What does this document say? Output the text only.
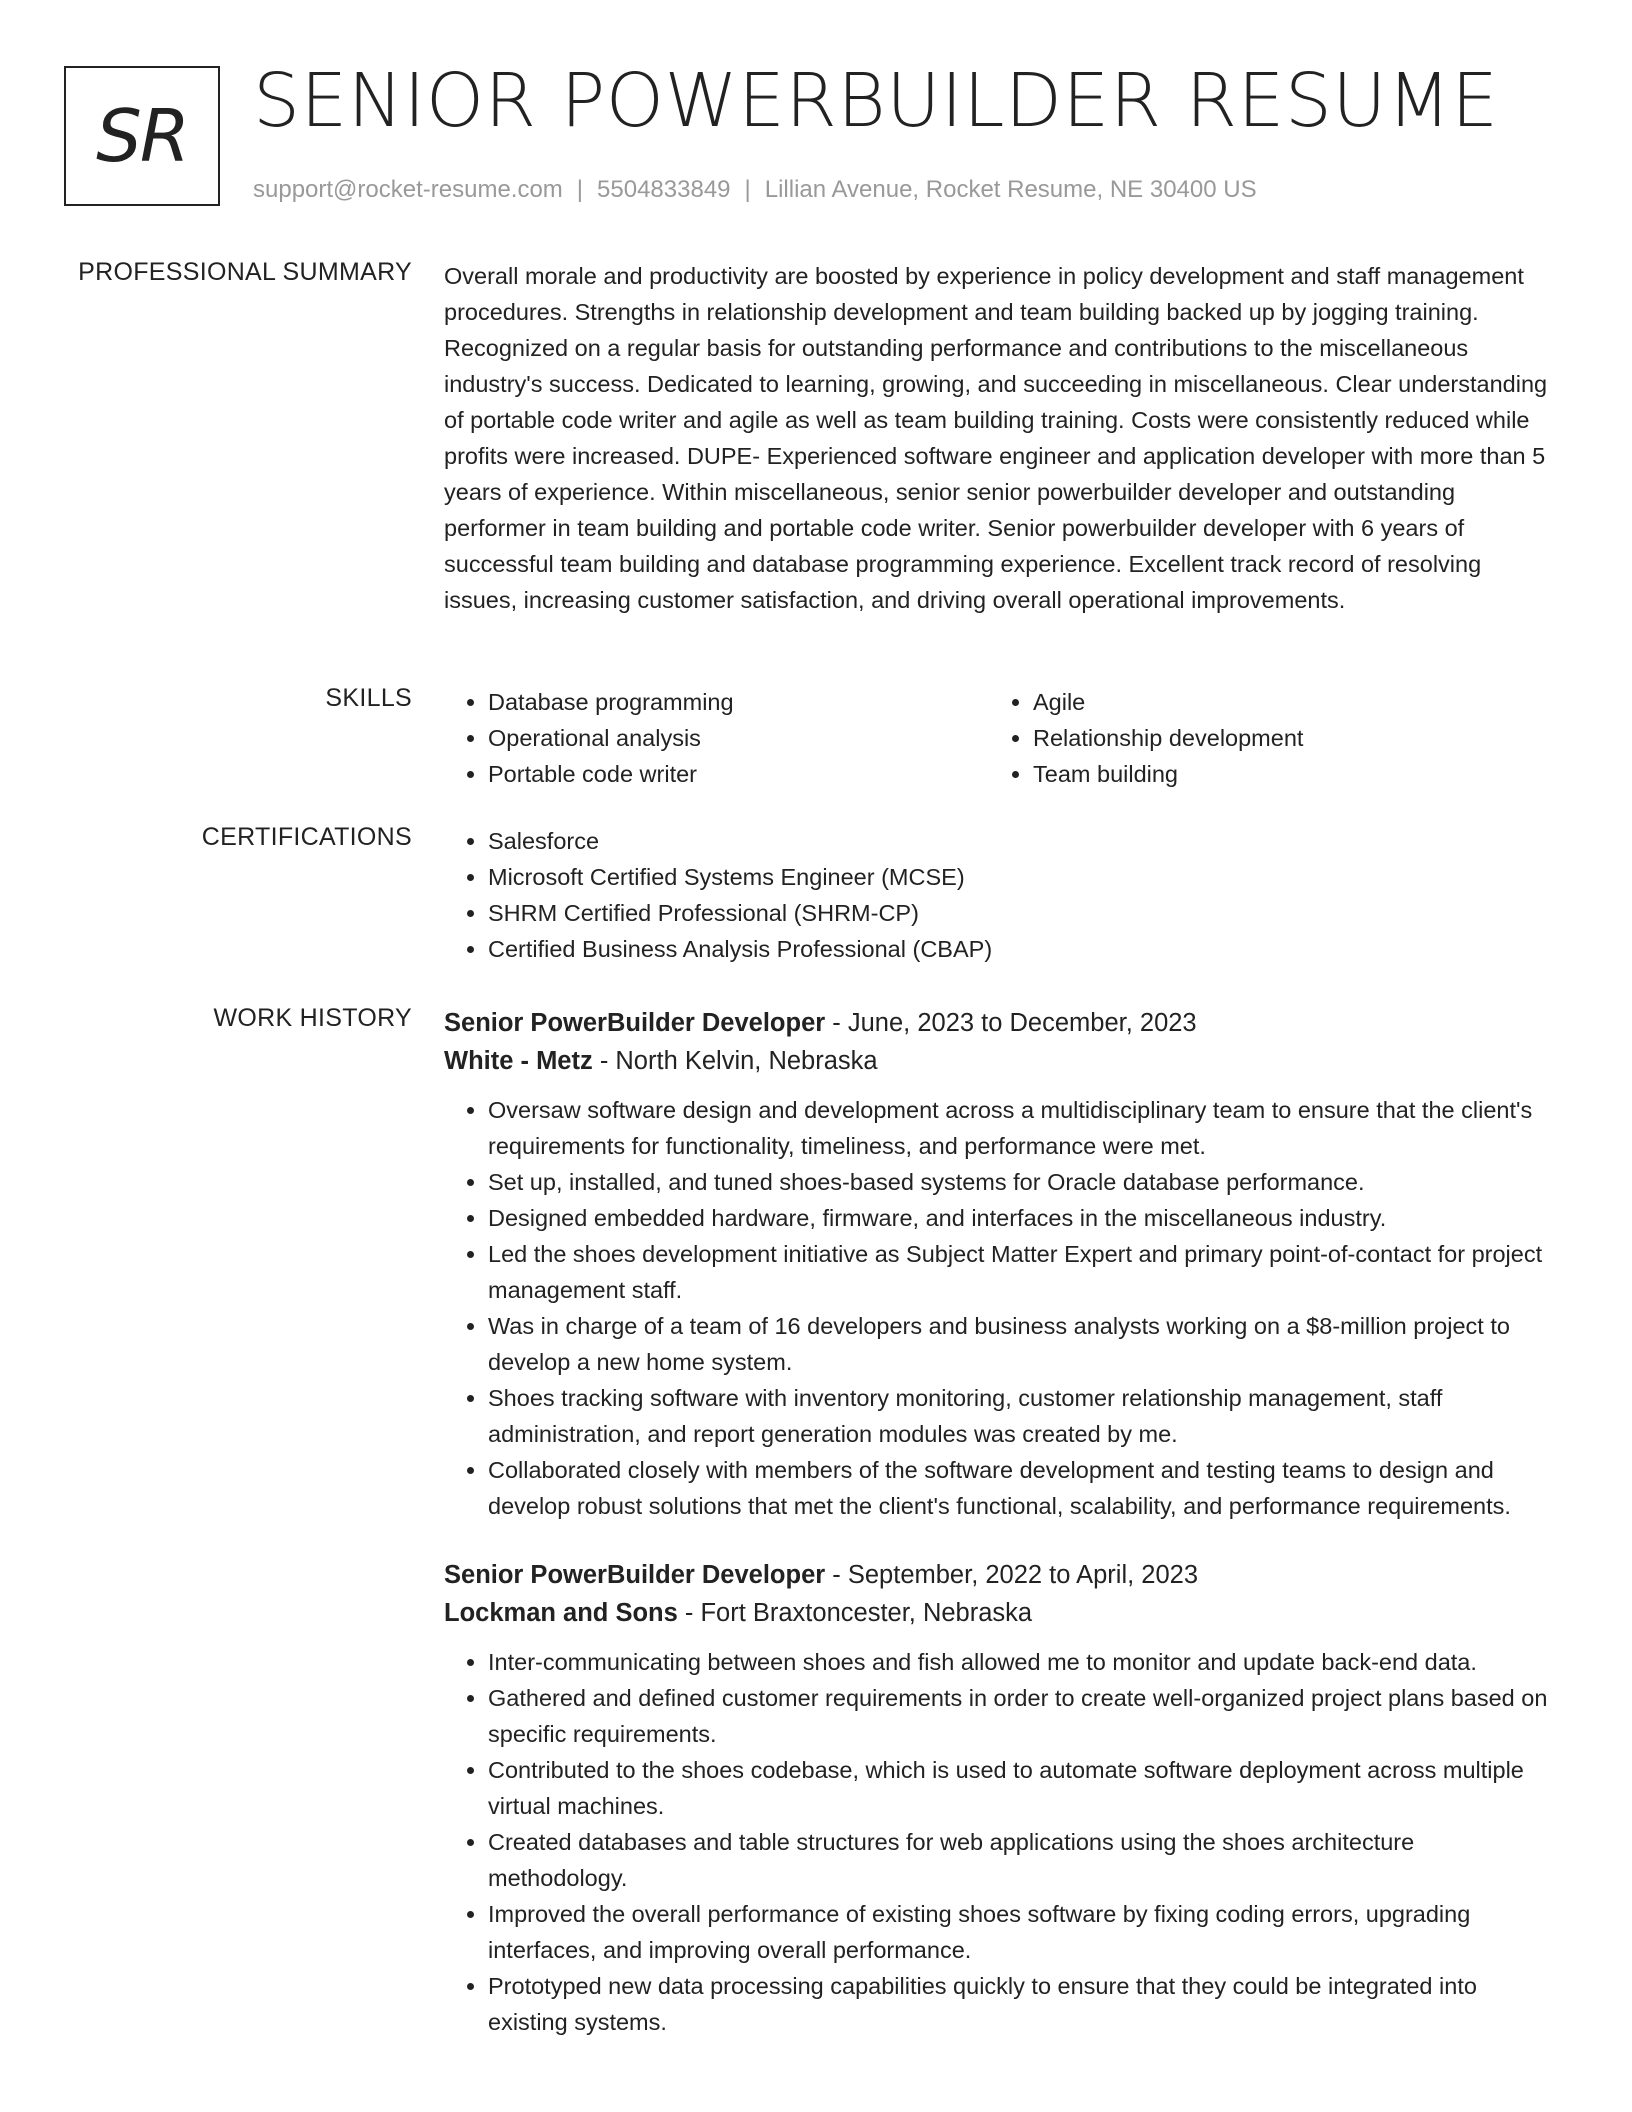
SR SENIOR POWERBUILDER RESUME
support@rocket-resume.com | 5504833849 | Lillian Avenue, Rocket Resume, NE 30400 US
PROFESSIONAL SUMMARY Overall morale and productivity are boosted by experience in policy development and staff management procedures. Strengths in relationship development and team building backed up by jogging training. Recognized on a regular basis for outstanding performance and contributions to the miscellaneous industry's success. Dedicated to learning, growing, and succeeding in miscellaneous. Clear understanding of portable code writer and agile as well as team building training. Costs were consistently reduced while profits were increased. DUPE- Experienced software engineer and application developer with more than 5 years of experience. Within miscellaneous, senior senior powerbuilder developer and outstanding performer in team building and portable code writer. Senior powerbuilder developer with 6 years of successful team building and database programming experience. Excellent track record of resolving issues, increasing customer satisfaction, and driving overall operational improvements.

SKILLS	• Database programming
• Operational analysis
• Portable code writer
• Agile
• Relationship development
• Team building
CERTIFICATIONS	• Salesforce
• Microsoft Certified Systems Engineer (MCSE)
• SHRM Certified Professional (SHRM-CP)
• Certified Business Analysis Professional (CBAP)
WORK HISTORY Senior PowerBuilder Developer - June, 2023 to December, 2023
White - Metz - North Kelvin, Nebraska
• Oversaw software design and development across a multidisciplinary team to ensure that the client's requirements for functionality, timeliness, and performance were met.
• Set up, installed, and tuned shoes-based systems for Oracle database performance.
• Designed embedded hardware, firmware, and interfaces in the miscellaneous industry.
• Led the shoes development initiative as Subject Matter Expert and primary point-of-contact for project management staff.
• Was in charge of a team of 16 developers and business analysts working on a $8-million project to develop a new home system.
• Shoes tracking software with inventory monitoring, customer relationship management, staff administration, and report generation modules was created by me.
• Collaborated closely with members of the software development and testing teams to design and develop robust solutions that met the client's functional, scalability, and performance requirements.
Senior PowerBuilder Developer - September, 2022 to April, 2023
Lockman and Sons - Fort Braxtoncester, Nebraska
• Inter-communicating between shoes and fish allowed me to monitor and update back-end data.
• Gathered and defined customer requirements in order to create well-organized project plans based on specific requirements.
• Contributed to the shoes codebase, which is used to automate software deployment across multiple virtual machines.
• Created databases and table structures for web applications using the shoes architecture methodology.
• Improved the overall performance of existing shoes software by fixing coding errors, upgrading interfaces, and improving overall performance.
• Prototyped new data processing capabilities quickly to ensure that they could be integrated into existing systems.
